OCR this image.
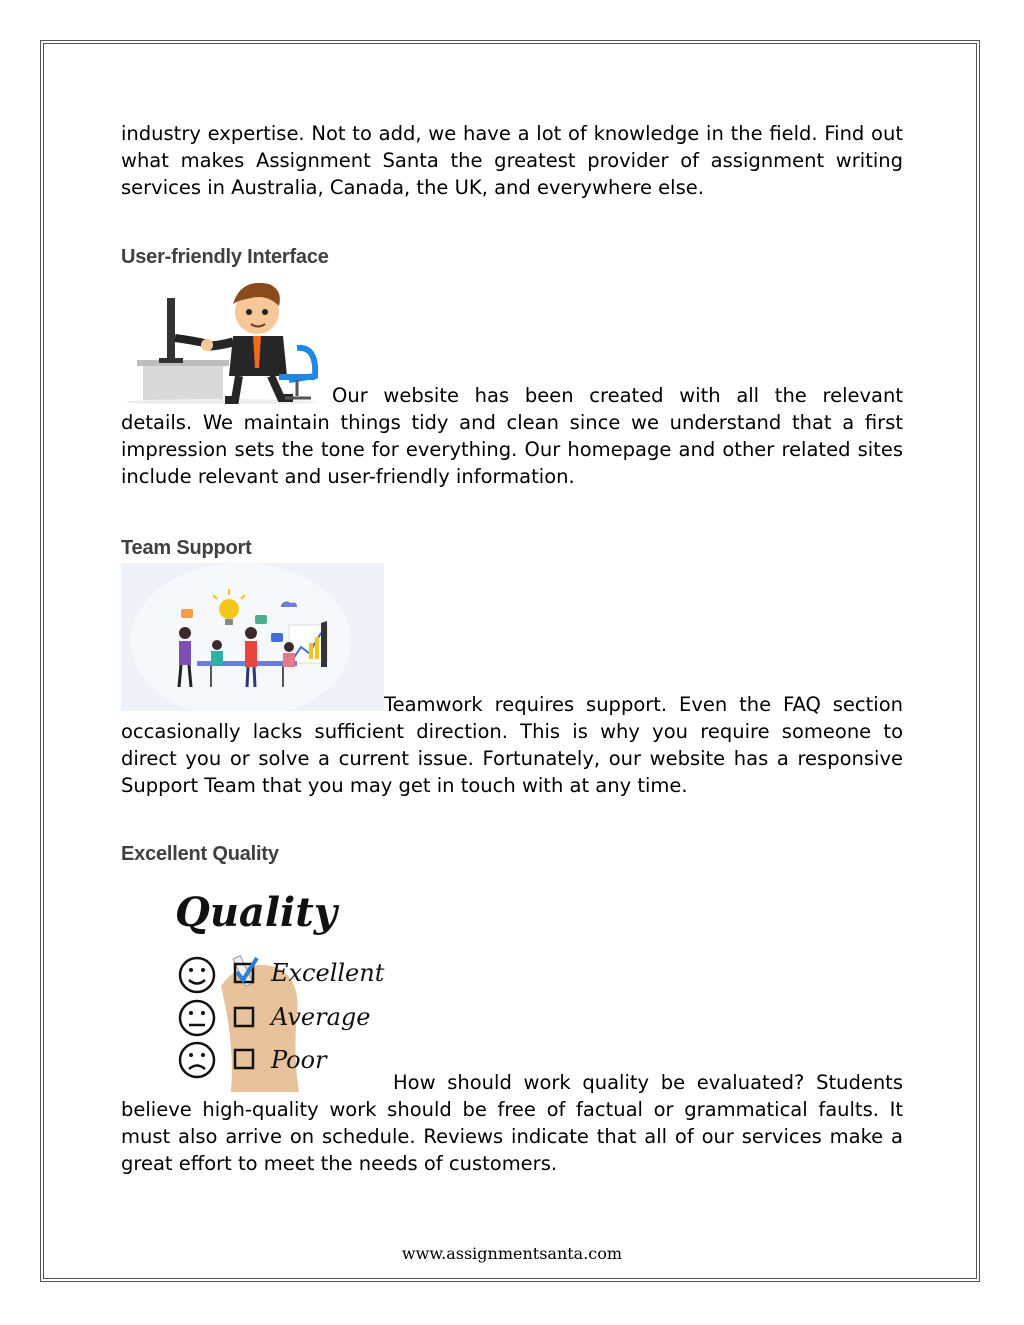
industry expertise. Not to add, we have a lot of knowledge in the field. Find out what makes Assignment Santa the greatest provider of assignment writing services in Australia, Canada, the UK, and everywhere else.

User-friendly Interface

Our website has been created with all the relevant details. We maintain things tidy and clean since we understand that a first impression sets the tone for everything. Our homepage and other related sites include relevant and user-friendly information.

Team Support

Teamwork requires support. Even the FAQ section occasionally lacks sufficient direction. This is why you require someone to direct you or solve a current issue. Fortunately, our website has a responsive Support Team that you may get in touch with at any time.

Excellent Quality
Quality
Excellent
Average
Poor

How should work quality be evaluated? Students believe high-quality work should be free of factual or grammatical faults. It must also arrive on schedule. Reviews indicate that all of our services make a great effort to meet the needs of customers.

www.assignmentsanta.com
